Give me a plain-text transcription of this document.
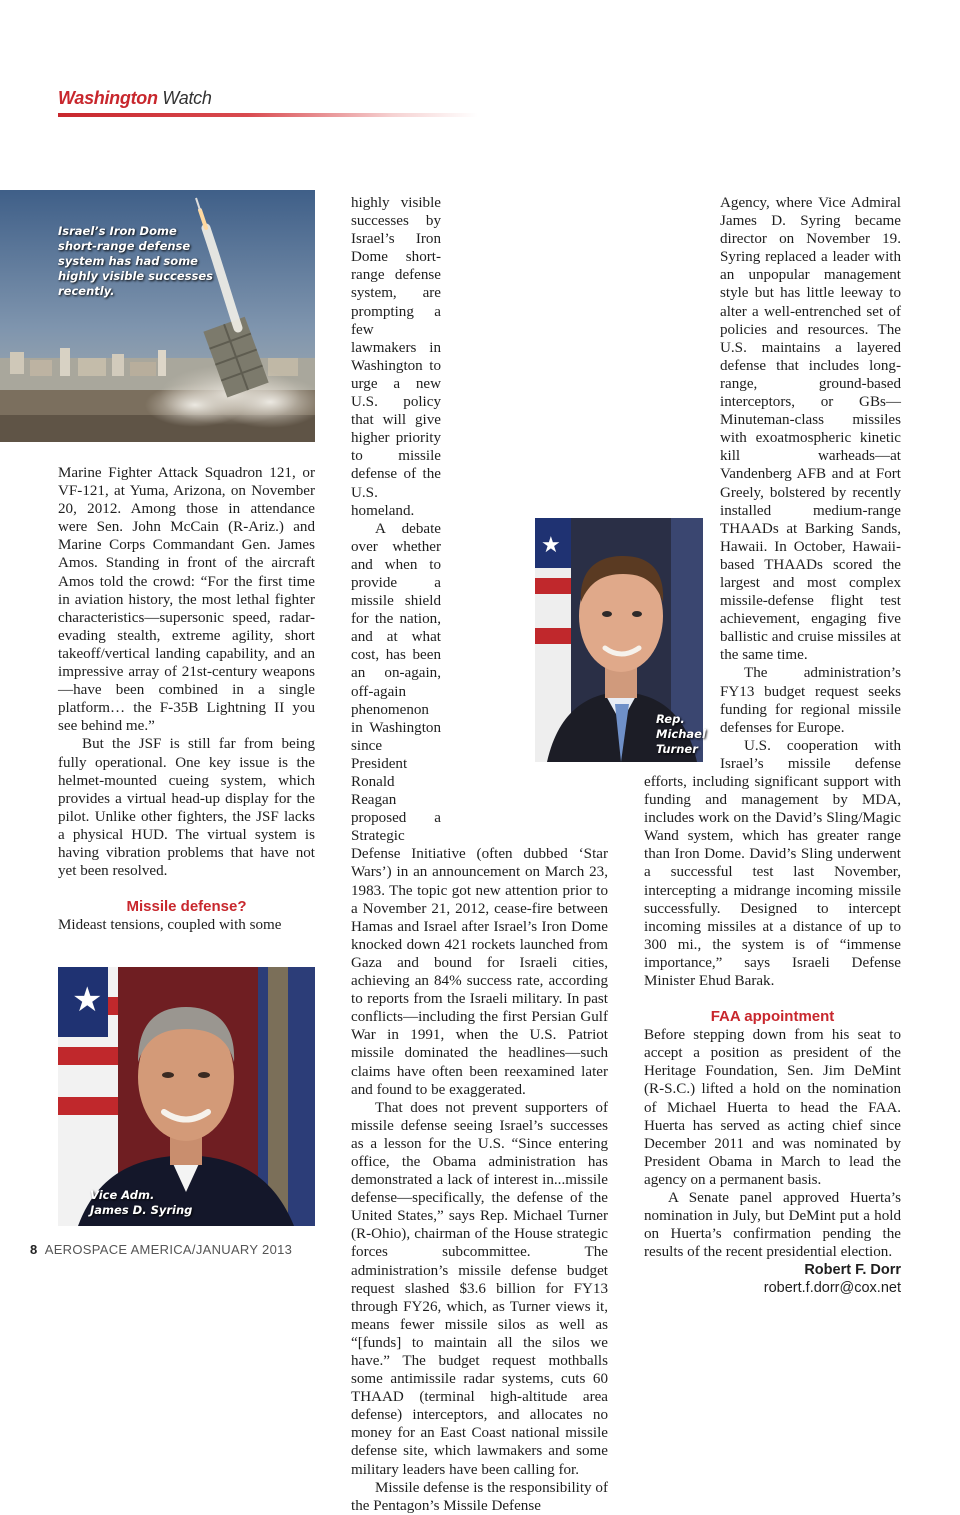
Washington Watch
Israel’s Iron Dome
short-range defense
system has had some
highly visible successes
recently.

Marine Fighter Attack Squadron 121, or VF-121, at Yuma, Arizona, on November 20, 2012. Among those in attendance were Sen. John McCain (R-Ariz.) and Marine Corps Commandant Gen. James Amos. Standing in front of the aircraft Amos told the crowd: “For the first time in aviation history, the most lethal fighter characteristics—supersonic speed, radar-evading stealth, extreme agility, short takeoff/vertical landing capability, and an impressive array of 21st-century weapons—have been combined in a single platform… the F-35B Lightning II you see behind me.”

But the JSF is still far from being fully operational. One key issue is the helmet-mounted cueing system, which provides a virtual head-up display for the pilot. Unlike other fighters, the JSF lacks a physical HUD. The virtual system is having vibration problems that have not yet been resolved.

Missile defense?

Mideast tensions, coupled with some

★
Vice Adm.
James D. Syring

highly visible successes by Israel’s Iron Dome short-range defense system, are prompting a few lawmakers in Washington to urge a new U.S. policy that will give higher priority to missile defense of the U.S. homeland.

A debate over whether and when to provide a missile shield for the nation, and at what cost, has been an on-again, off-again phenomenon in Washington since President Ronald Reagan proposed a Strategic Defense Initiative (often dubbed ‘Star Wars’) in an announcement on March 23, 1983. The topic got new attention prior to a November 21, 2012, cease-fire between Hamas and Israel after Israel’s Iron Dome knocked down 421 rockets launched from Gaza and bound for Israeli cities, achieving an 84% success rate, according to reports from the Israeli military. In past conflicts—including the first Persian Gulf War in 1991, when the U.S. Patriot missile dominated the headlines—such claims have often been reexamined later and found to be exaggerated.

That does not prevent supporters of missile defense seeing Israel’s successes as a lesson for the U.S. “Since entering office, the Obama administration has demonstrated a lack of interest in...missile defense—specifically, the defense of the United States,” says Rep. Michael Turner (R-Ohio), chairman of the House strategic forces subcommittee. The administration’s missile defense budget request slashed $3.6 billion for FY13 through FY26, which, as Turner views it, means fewer missile silos as well as “[funds] to maintain all the silos we have.” The budget request mothballs some antimissile radar systems, cuts 60 THAAD (terminal high-altitude area defense) interceptors, and allocates no money for an East Coast national missile defense site, which lawmakers and some military leaders have been calling for.

Missile defense is the responsibility of the Pentagon’s Missile Defense

★
Rep.
Michael
Turner

Agency, where Vice Admiral James D. Syring became director on November 19. Syring replaced a leader with an unpopular management style but has little leeway to alter a well-entrenched set of policies and resources. The U.S. maintains a layered defense that includes long-range, ground-based interceptors, or GBs—Minuteman-class missiles with exoatmospheric kinetic kill warheads—at Vandenberg AFB and at Fort Greely, bolstered by recently installed medium-range THAADs at Barking Sands, Hawaii. In October, Hawaii-based THAADs scored the largest and most complex missile-defense flight test achievement, engaging five ballistic and cruise missiles at the same time.

The administration’s FY13 budget request seeks funding for regional missile defenses for Europe.

U.S. cooperation with Israel’s missile defense efforts, including significant support with funding and management by MDA, includes work on the David’s Sling/Magic Wand system, which has greater range than Iron Dome. David’s Sling underwent a successful test last November, intercepting a midrange incoming missile successfully. Designed to intercept incoming missiles at a distance of up to 300 mi., the system is of “immense importance,” says Israeli Defense Minister Ehud Barak.

FAA appointment

Before stepping down from his seat to accept a position as president of the Heritage Foundation, Sen. Jim DeMint (R-S.C.) lifted a hold on the nomination of Michael Huerta to head the FAA. Huerta has served as acting chief since December 2011 and was nominated by President Obama in March to lead the agency on a permanent basis.

A Senate panel approved Huerta’s nomination in July, but DeMint put a hold on Huerta’s confirmation pending the results of the recent presidential election.

Robert F. Dorr
robert.f.dorr@cox.net
8 AEROSPACE AMERICA/JANUARY 2013
